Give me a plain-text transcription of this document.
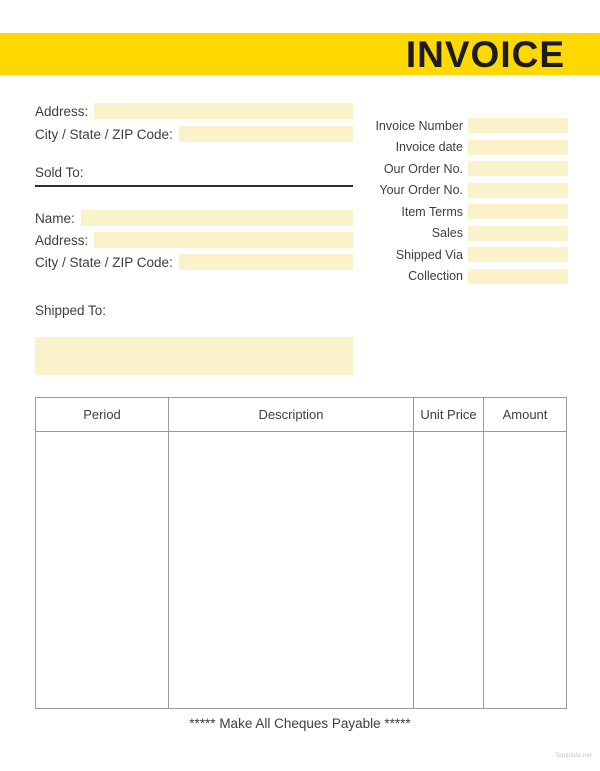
INVOICE
Address:
City / State / ZIP Code:
Sold To:
Name:
Address:
City / State / ZIP Code:
Shipped To:
Invoice Number
Invoice date
Our Order No.
Your Order No.
Item Terms
Sales
Shipped Via
Collection
Period	Description	Unit Price	Amount

***** Make All Cheques Payable *****
Template.net
